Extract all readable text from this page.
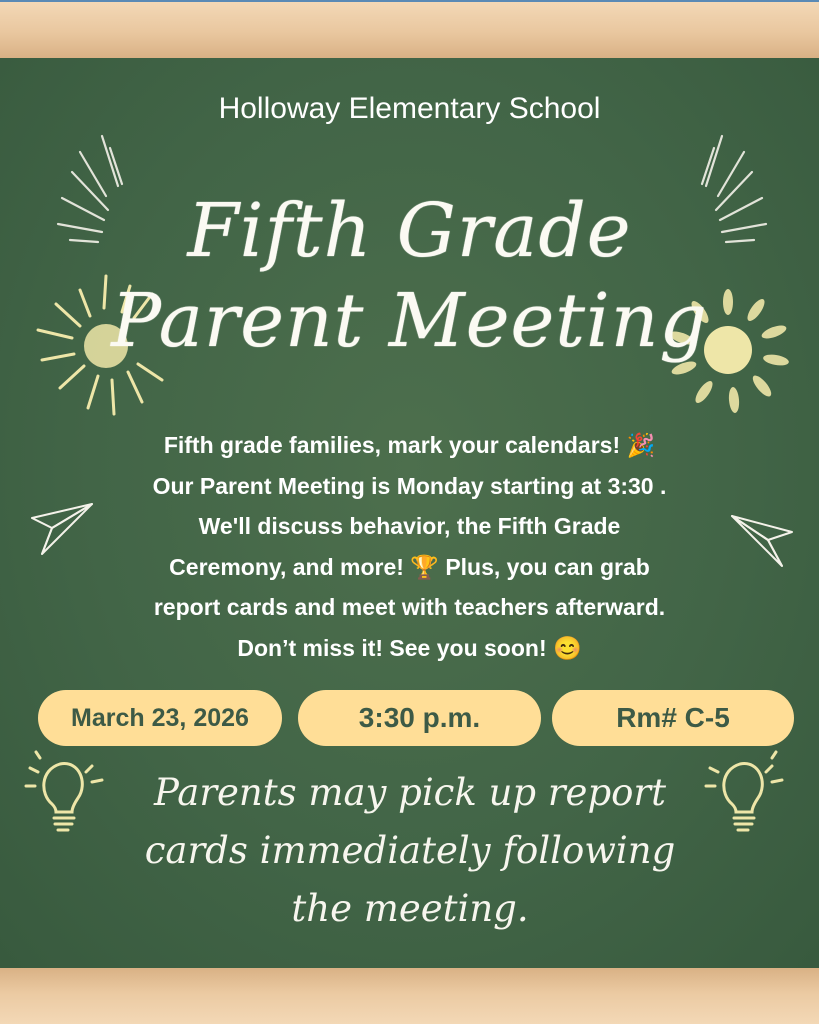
Holloway Elementary School
Fifth Grade
Parent Meeting
Fifth grade families, mark your calendars! 🎉
Our Parent Meeting is Monday starting at 3:30 .
We'll discuss behavior, the Fifth Grade
Ceremony, and more! 🏆 Plus, you can grab
report cards and meet with teachers afterward.
Don’t miss it! See you soon! 😊
March 23, 2026	3:30 p.m.	Rm# C-5
Parents may pick up report
cards immediately following
the meeting.
